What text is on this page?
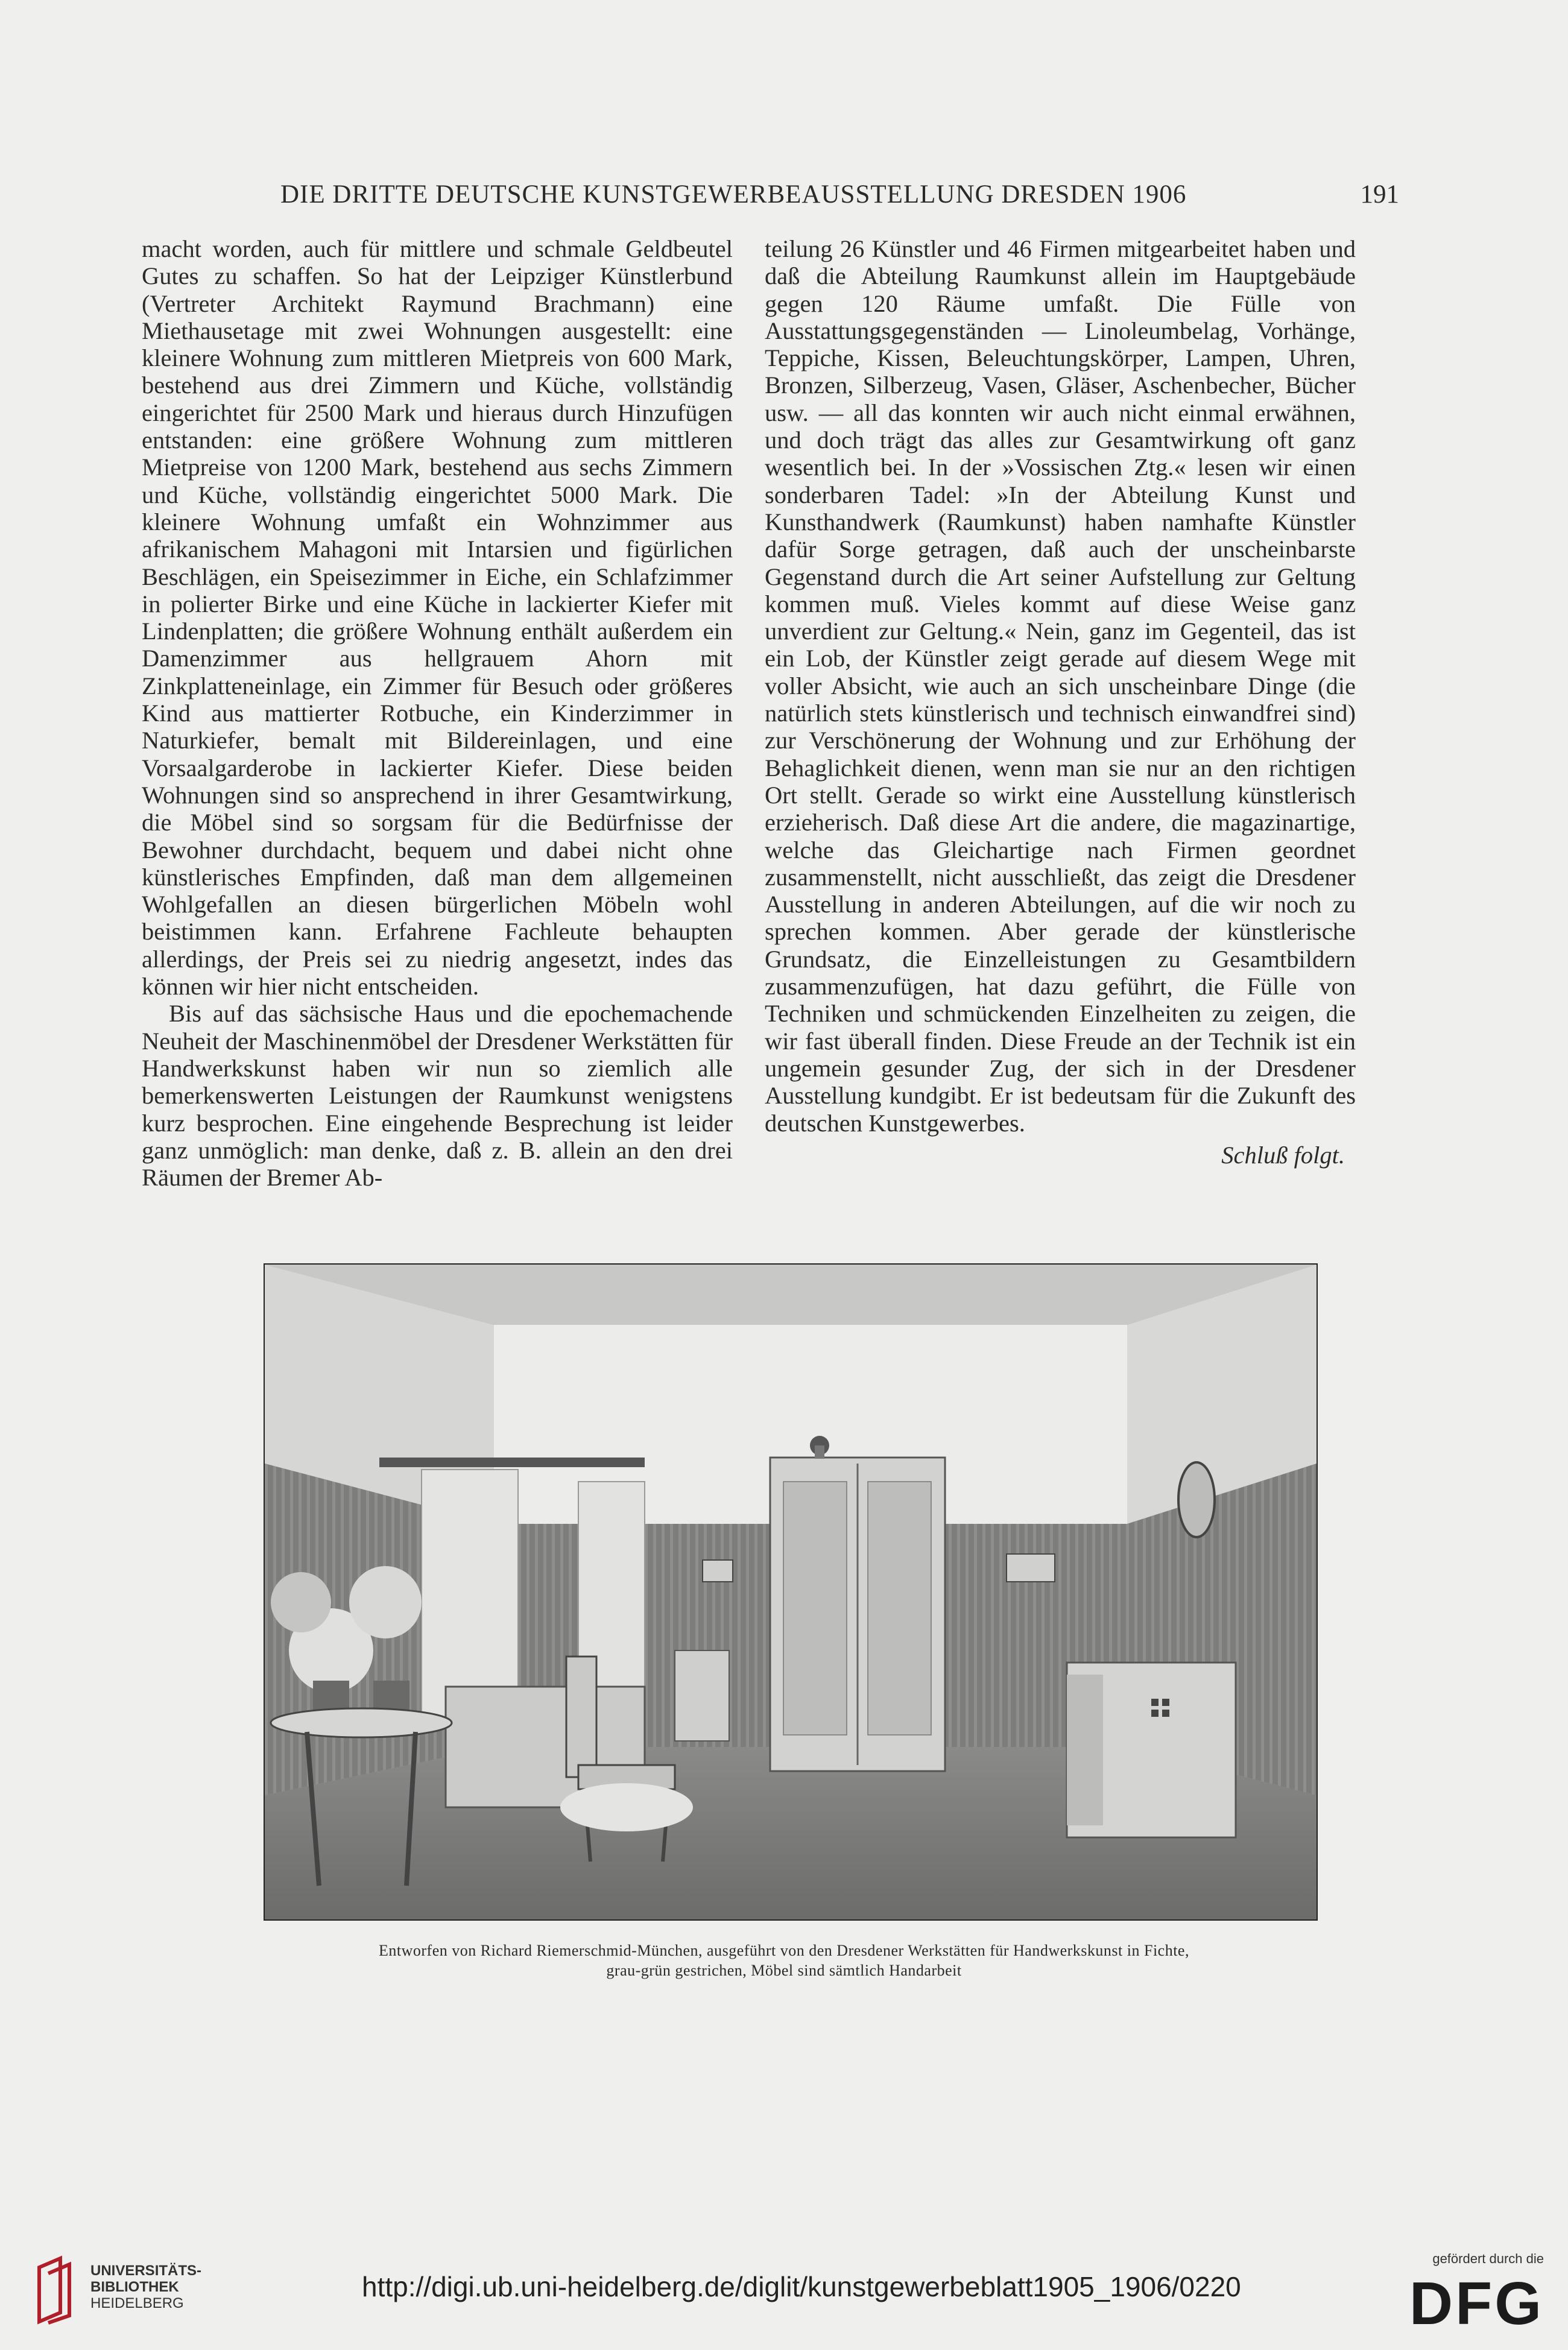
DIE DRITTE DEUTSCHE KUNSTGEWERBEAUSSTELLUNG DRESDEN 1906	191

macht worden, auch für mittlere und schmale Geldbeutel Gutes zu schaffen. So hat der Leipziger Künstlerbund (Vertreter Architekt Raymund Brachmann) eine Miethausetage mit zwei Wohnungen ausgestellt: eine kleinere Wohnung zum mittleren Mietpreis von 600 Mark, bestehend aus drei Zimmern und Küche, vollständig eingerichtet für 2500 Mark und hieraus durch Hinzufügen entstanden: eine größere Wohnung zum mittleren Mietpreise von 1200 Mark, bestehend aus sechs Zimmern und Küche, vollständig eingerichtet 5000 Mark. Die kleinere Wohnung umfaßt ein Wohnzimmer aus afrikanischem Mahagoni mit Intarsien und figürlichen Beschlägen, ein Speisezimmer in Eiche, ein Schlafzimmer in polierter Birke und eine Küche in lackierter Kiefer mit Lindenplatten; die größere Wohnung enthält außerdem ein Damenzimmer aus hellgrauem Ahorn mit Zinkplatteneinlage, ein Zimmer für Besuch oder größeres Kind aus mattierter Rotbuche, ein Kinderzimmer in Naturkiefer, bemalt mit Bildereinlagen, und eine Vorsaalgarderobe in lackierter Kiefer. Diese beiden Wohnungen sind so ansprechend in ihrer Gesamtwirkung, die Möbel sind so sorgsam für die Bedürfnisse der Bewohner durchdacht, bequem und dabei nicht ohne künstlerisches Empfinden, daß man dem allgemeinen Wohlgefallen an diesen bürgerlichen Möbeln wohl beistimmen kann. Erfahrene Fachleute behaupten allerdings, der Preis sei zu niedrig angesetzt, indes das können wir hier nicht entscheiden.

Bis auf das sächsische Haus und die epochemachende Neuheit der Maschinenmöbel der Dresdener Werkstätten für Handwerkskunst haben wir nun so ziemlich alle bemerkenswerten Leistungen der Raumkunst wenigstens kurz besprochen. Eine eingehende Besprechung ist leider ganz unmöglich: man denke, daß z. B. allein an den drei Räumen der Bremer Ab-

teilung 26 Künstler und 46 Firmen mitgearbeitet haben und daß die Abteilung Raumkunst allein im Hauptgebäude gegen 120 Räume umfaßt. Die Fülle von Ausstattungsgegenständen — Linoleumbelag, Vorhänge, Teppiche, Kissen, Beleuchtungskörper, Lampen, Uhren, Bronzen, Silberzeug, Vasen, Gläser, Aschenbecher, Bücher usw. — all das konnten wir auch nicht einmal erwähnen, und doch trägt das alles zur Gesamtwirkung oft ganz wesentlich bei. In der »Vossischen Ztg.« lesen wir einen sonderbaren Tadel: »In der Abteilung Kunst und Kunsthandwerk (Raumkunst) haben namhafte Künstler dafür Sorge getragen, daß auch der unscheinbarste Gegenstand durch die Art seiner Aufstellung zur Geltung kommen muß. Vieles kommt auf diese Weise ganz unverdient zur Geltung.« Nein, ganz im Gegenteil, das ist ein Lob, der Künstler zeigt gerade auf diesem Wege mit voller Absicht, wie auch an sich unscheinbare Dinge (die natürlich stets künstlerisch und technisch einwandfrei sind) zur Verschönerung der Wohnung und zur Erhöhung der Behaglichkeit dienen, wenn man sie nur an den richtigen Ort stellt. Gerade so wirkt eine Ausstellung künstlerisch erzieherisch. Daß diese Art die andere, die magazinartige, welche das Gleichartige nach Firmen geordnet zusammenstellt, nicht ausschließt, das zeigt die Dresdener Ausstellung in anderen Abteilungen, auf die wir noch zu sprechen kommen. Aber gerade der künstlerische Grundsatz, die Einzelleistungen zu Gesamtbildern zusammenzufügen, hat dazu geführt, die Fülle von Techniken und schmückenden Einzelheiten zu zeigen, die wir fast überall finden. Diese Freude an der Technik ist ein ungemein gesunder Zug, der sich in der Dresdener Ausstellung kundgibt. Er ist bedeutsam für die Zukunft des deutschen Kunstgewerbes.

Schluß folgt.

Entworfen von Richard Riemerschmid-München, ausgeführt von den Dresdener Werkstätten für Handwerkskunst in Fichte,
grau-grün gestrichen, Möbel sind sämtlich Handarbeit
UNIVERSITÄTS-
BIBLIOTHEK
HEIDELBERG
http://digi.ub.uni-heidelberg.de/diglit/kunstgewerbeblatt1905_1906/0220
gefördert durch die
DFG
